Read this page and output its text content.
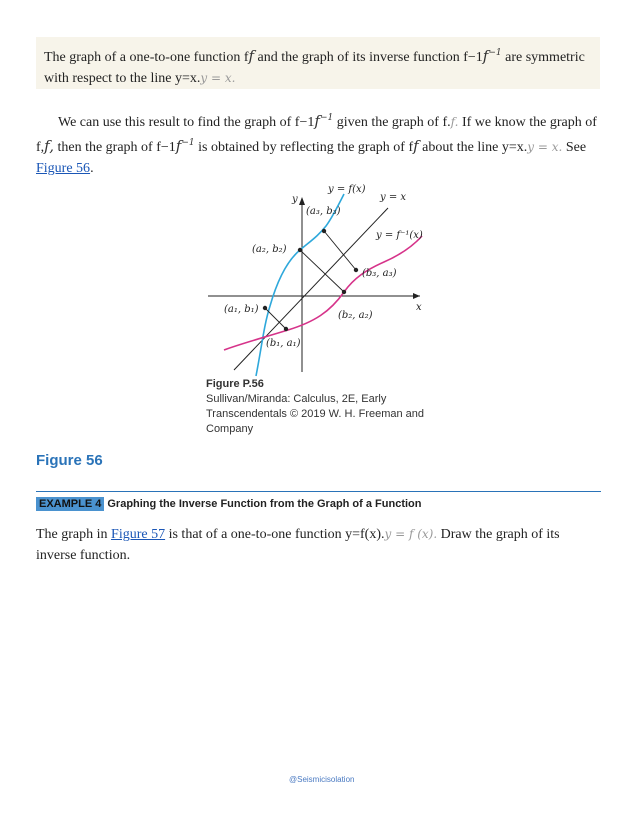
The graph of a one-to-one function ff and the graph of its inverse function $f-1f^{-1}$ are symmetric with respect to the line y=x.y = x.
We can use this result to find the graph of $f-1f^{-1}$ given the graph of f.f. If we know the graph of f,f, then the graph of $f-1f^{-1}$ is obtained by reflecting the graph of ff about the line y=x.y = x. See Figure 56.
y
x
y = f(x)
y = x
y = f⁻¹(x)
(a₃, b₃)
(a₂, b₂)
(b₃, a₃)
(a₁, b₁)
(b₂, a₂)
(b₁, a₁)
Figure P.56
Sullivan/Miranda: Calculus, 2E, Early Transcendentals © 2019 W. H. Freeman and Company
Figure 56
EXAMPLE 4 Graphing the Inverse Function from the Graph of a Function
The graph in Figure 57 is that of a one-to-one function y=f(x).y = f (x). Draw the graph of its inverse function.
@Seismicisolation
